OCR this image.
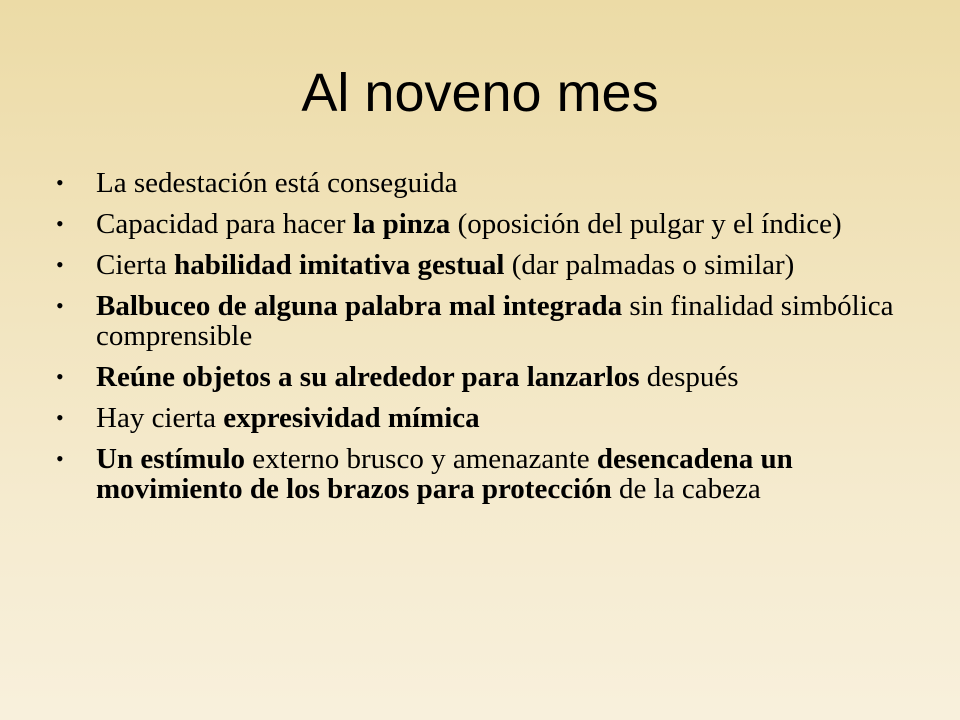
Al noveno mes
•	La sedestación está conseguida
•	Capacidad para hacer la pinza (oposición del pulgar y el índice)
•	Cierta habilidad imitativa gestual (dar palmadas o similar)
•	Balbuceo de alguna palabra mal integrada sin finalidad simbólica comprensible
•	Reúne objetos a su alrededor para lanzarlos después
•	Hay cierta expresividad mímica
•	Un estímulo externo brusco y amenazante desencadena un movimiento de los brazos para protección de la cabeza
